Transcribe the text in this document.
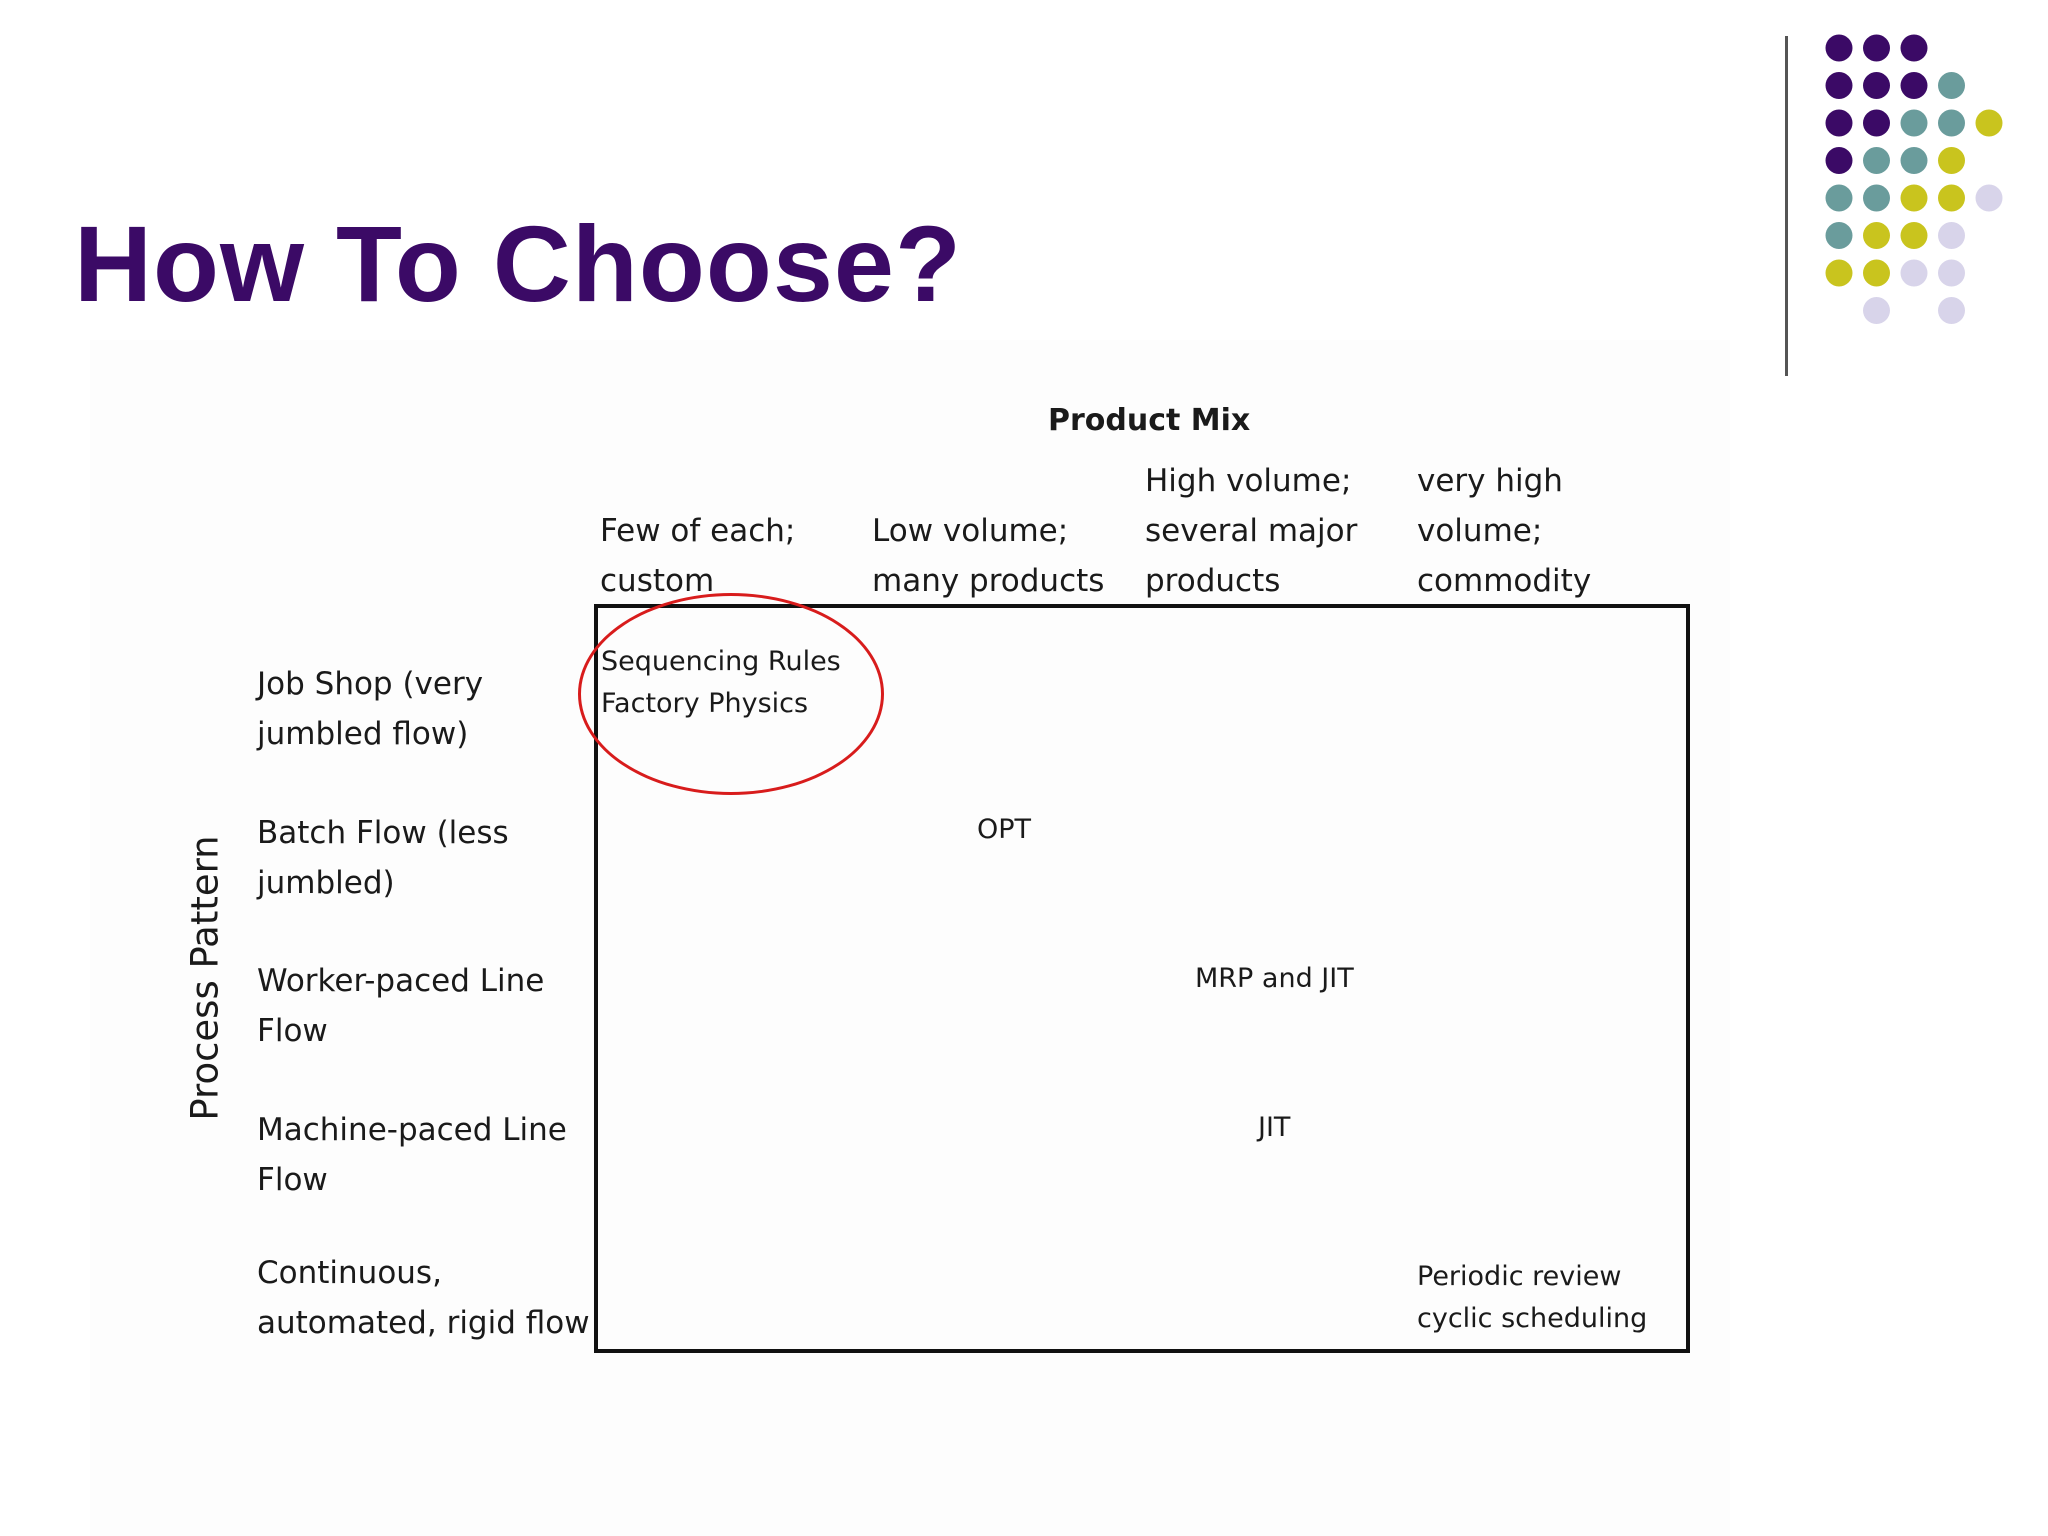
How To Choose?
Product Mix
Few of each;
custom
Low volume;
many products
High volume;
several major
products
very high
volume;
commodity
Process Pattern
Job Shop (very
jumbled flow)
Batch Flow (less
jumbled)
Worker-paced Line
Flow
Machine-paced Line
Flow
Continuous,
automated, rigid flow
Sequencing Rules
Factory Physics
OPT
MRP and JIT
JIT
Periodic review
cyclic scheduling
